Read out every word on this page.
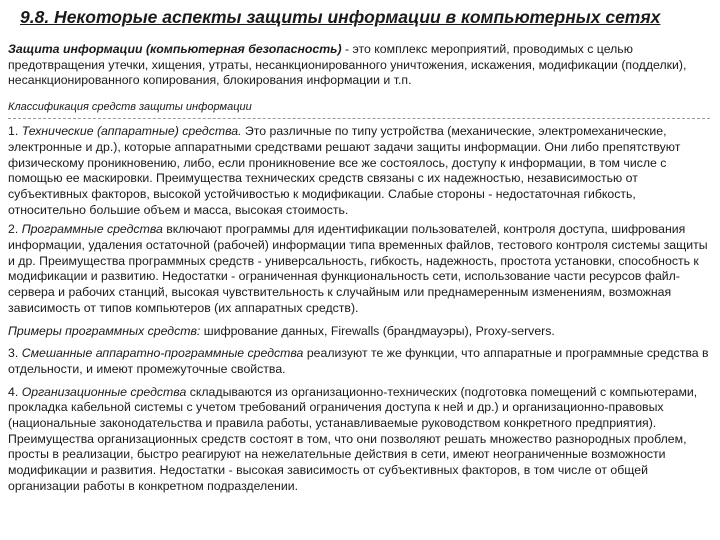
9.8. Некоторые аспекты защиты информации в компьютерных сетях

Защита информации (компьютерная безопасность) - это комплекс мероприятий, проводимых с целью предотвращения утечки, хищения, утраты, несанкционированного уничтожения, искажения, модификации (подделки), несанкционированного копирования, блокирования информации и т.п.

Классификация средств защиты информации

1. Технические (аппаратные) средства. Это различные по типу устройства (механические, электромеханические, электронные и др.), которые аппаратными средствами решают задачи защиты информации. Они либо препятствуют физическому проникновению, либо, если проникновение все же состоялось, доступу к информации, в том числе с помощью ее маскировки. Преимущества технических средств связаны с их надежностью, независимостью от субъективных факторов, высокой устойчивостью к модификации. Слабые стороны - недостаточная гибкость, относительно большие объем и масса, высокая стоимость.

2. Программные средства включают программы для идентификации пользователей, контроля доступа, шифрования информации, удаления остаточной (рабочей) информации типа временных файлов, тестового контроля системы защиты и др. Преимущества программных средств - универсальность, гибкость, надежность, простота установки, способность к модификации и развитию. Недостатки - ограниченная функциональность сети, использование части ресурсов файл-сервера и рабочих станций, высокая чувствительность к случайным или преднамеренным изменениям, возможная зависимость от типов компьютеров (их аппаратных средств).

Примеры программных средств: шифрование данных, Firewalls (брандмауэры), Proxy-servers.

3. Смешанные аппаратно-программные средства реализуют те же функции, что аппаратные и программные средства в отдельности, и имеют промежуточные свойства.

4. Организационные средства складываются из организационно-технических (подготовка помещений с компьютерами, прокладка кабельной системы с учетом требований ограничения доступа к ней и др.) и организационно-правовых (национальные законодательства и правила работы, устанавливаемые руководством конкретного предприятия). Преимущества организационных средств состоят в том, что они позволяют решать множество разнородных проблем, просты в реализации, быстро реагируют на нежелательные действия в сети, имеют неограниченные возможности модификации и развития. Недостатки - высокая зависимость от субъективных факторов, в том числе от общей организации работы в конкретном подразделении.
